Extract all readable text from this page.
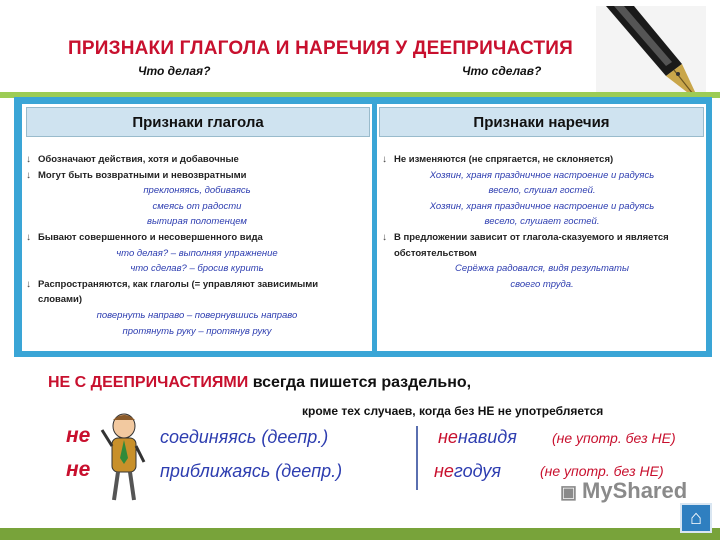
ПРИЗНАКИ ГЛАГОЛА И НАРЕЧИЯ У ДЕЕПРИЧАСТИЯ
Что делая?	Что сделав?
Признаки глагола	Признаки наречия
↓ Обозначают действия, хотя и добавочные
↓ Могут быть возвратными и невозвратными
преклоняясь, добиваясь
смеясь от радости
вытирая полотенцем
↓ Бывают совершенного и несовершенного вида
что делая? – выполняя упражнение
что сделав? – бросив курить
↓ Распространяются, как глаголы (= управляют зависимыми
словами)
повернуть направо – повернувшись направо
протянуть руку – протянув руку
↓ Не изменяются (не спрягается, не склоняется)
Хозяин, храня праздничное настроение и радуясь
весело, слушал гостей.
Хозяин, храня праздничное настроение и радуясь
весело, слушает гостей.
↓ В предложении зависит от глагола-сказуемого и является
обстоятельством
Серёжка радовался, видя результаты
своего труда.
НЕ С ДЕЕПРИЧАСТИЯМИ всегда пишется раздельно,
кроме тех случаев, когда без НЕ не употребляется
не	соединяясь (деепр.)	ненавидя	(не употр. без НЕ)
не	приближаясь (деепр.)	негодуя	(не употр. без НЕ)
▣ MyShared
⌂
